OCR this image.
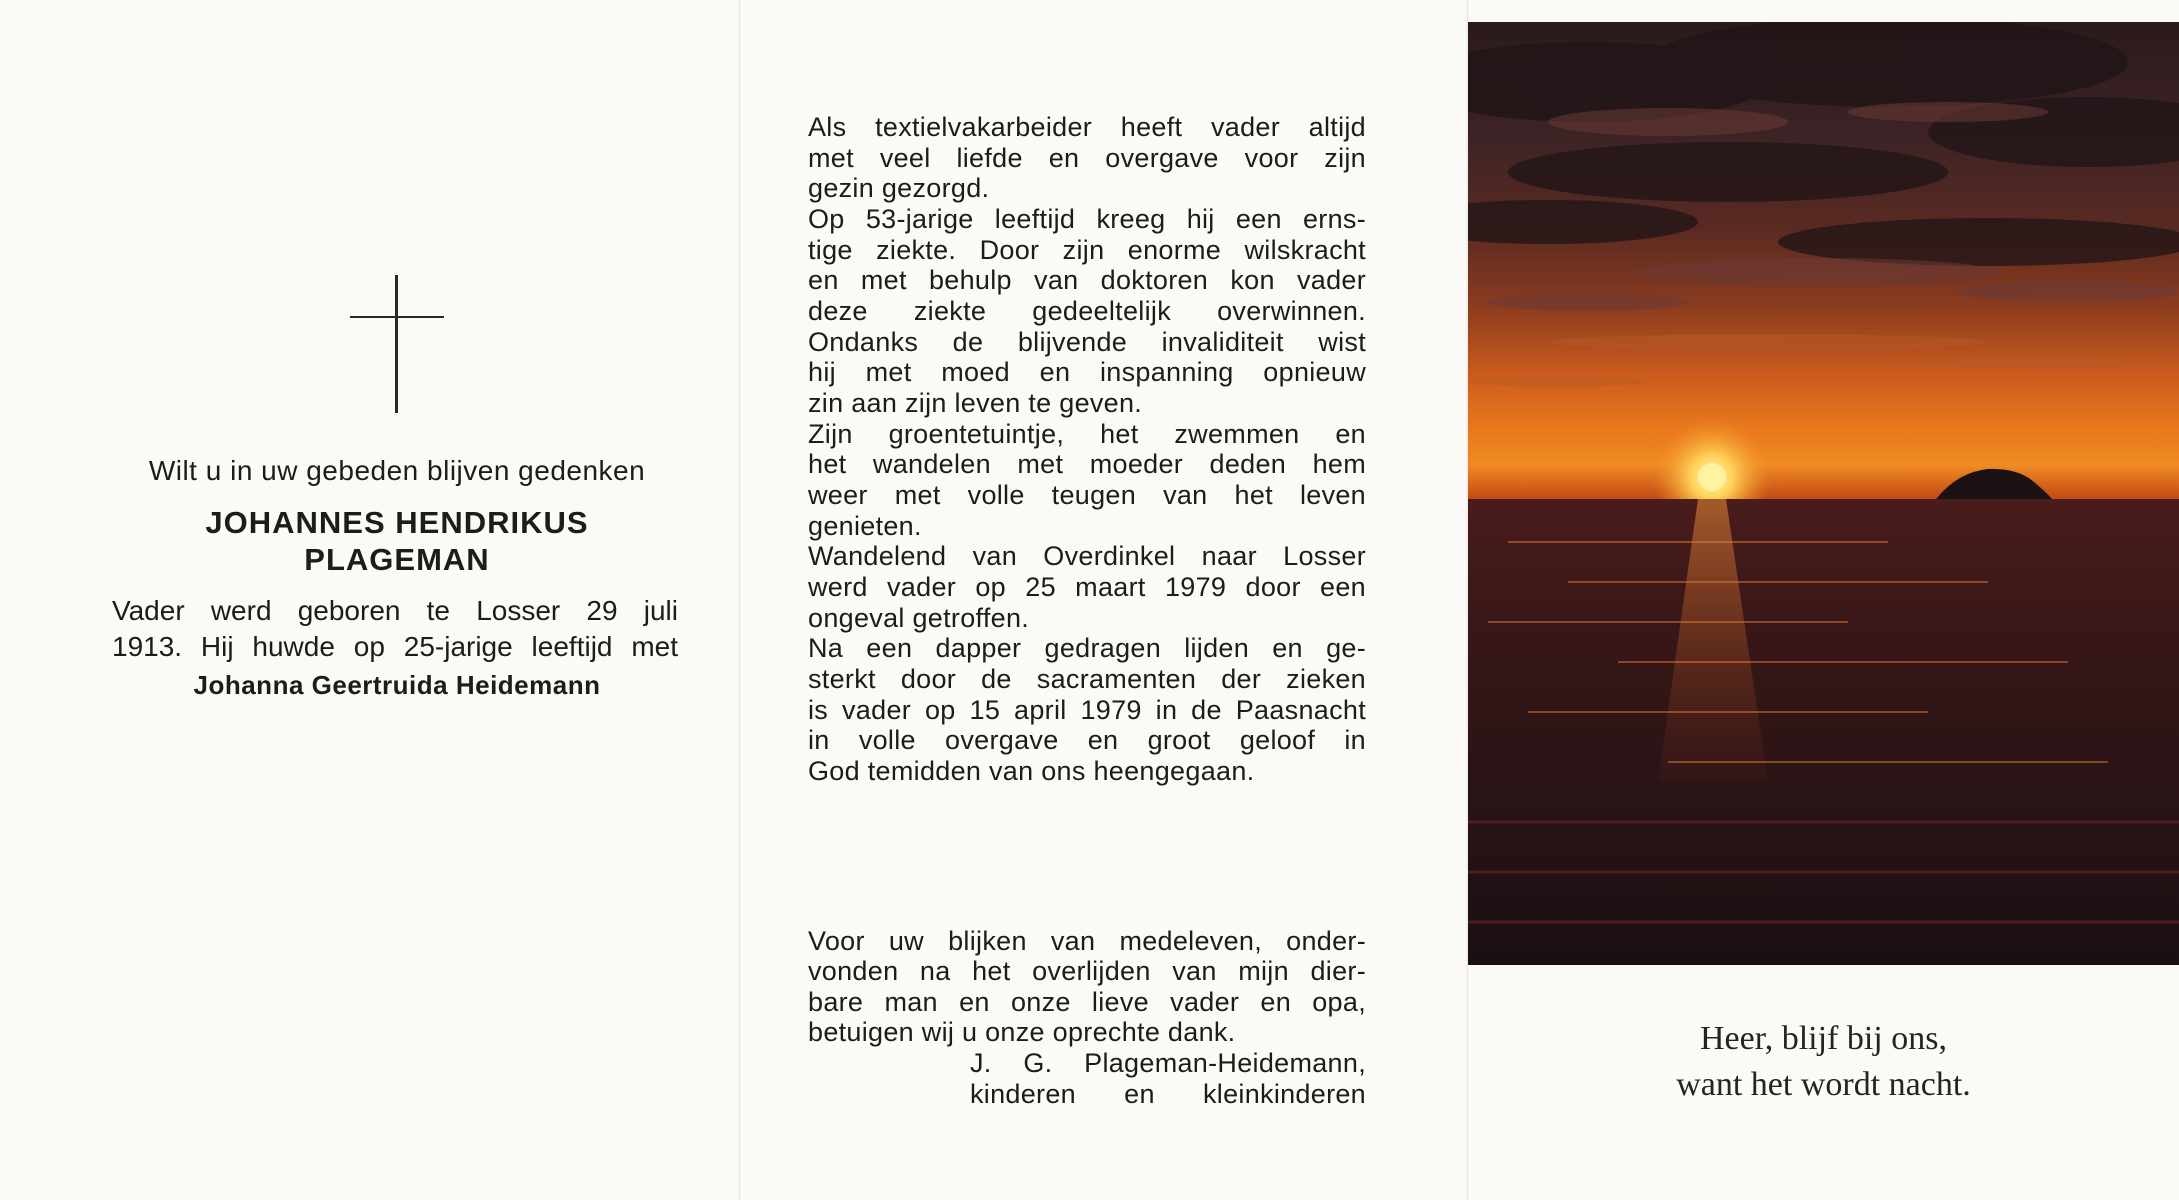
Wilt u in uw gebeden blijven gedenken
JOHANNES HENDRIKUS
PLAGEMAN
Vader werd geboren te Losser 29 juli
1913. Hij huwde op 25-jarige leeftijd met
Johanna Geertruida Heidemann
Als textielvakarbeider heeft vader altijd
met veel liefde en overgave voor zijn
gezin gezorgd.
Op 53-jarige leeftijd kreeg hij een erns-
tige ziekte. Door zijn enorme wilskracht
en met behulp van doktoren kon vader
deze ziekte gedeeltelijk overwinnen.
Ondanks de blijvende invaliditeit wist
hij met moed en inspanning opnieuw
zin aan zijn leven te geven.
Zijn groentetuintje, het zwemmen en
het wandelen met moeder deden hem
weer met volle teugen van het leven
genieten.
Wandelend van Overdinkel naar Losser
werd vader op 25 maart 1979 door een
ongeval getroffen.
Na een dapper gedragen lijden en ge-
sterkt door de sacramenten der zieken
is vader op 15 april 1979 in de Paasnacht
in volle overgave en groot geloof in
God temidden van ons heengegaan.
Voor uw blijken van medeleven, onder-
vonden na het overlijden van mijn dier-
bare man en onze lieve vader en opa,
betuigen wij u onze oprechte dank.
J. G. Plageman-Heidemann,
kinderen en kleinkinderen
Heer, blijf bij ons,
want het wordt nacht.
